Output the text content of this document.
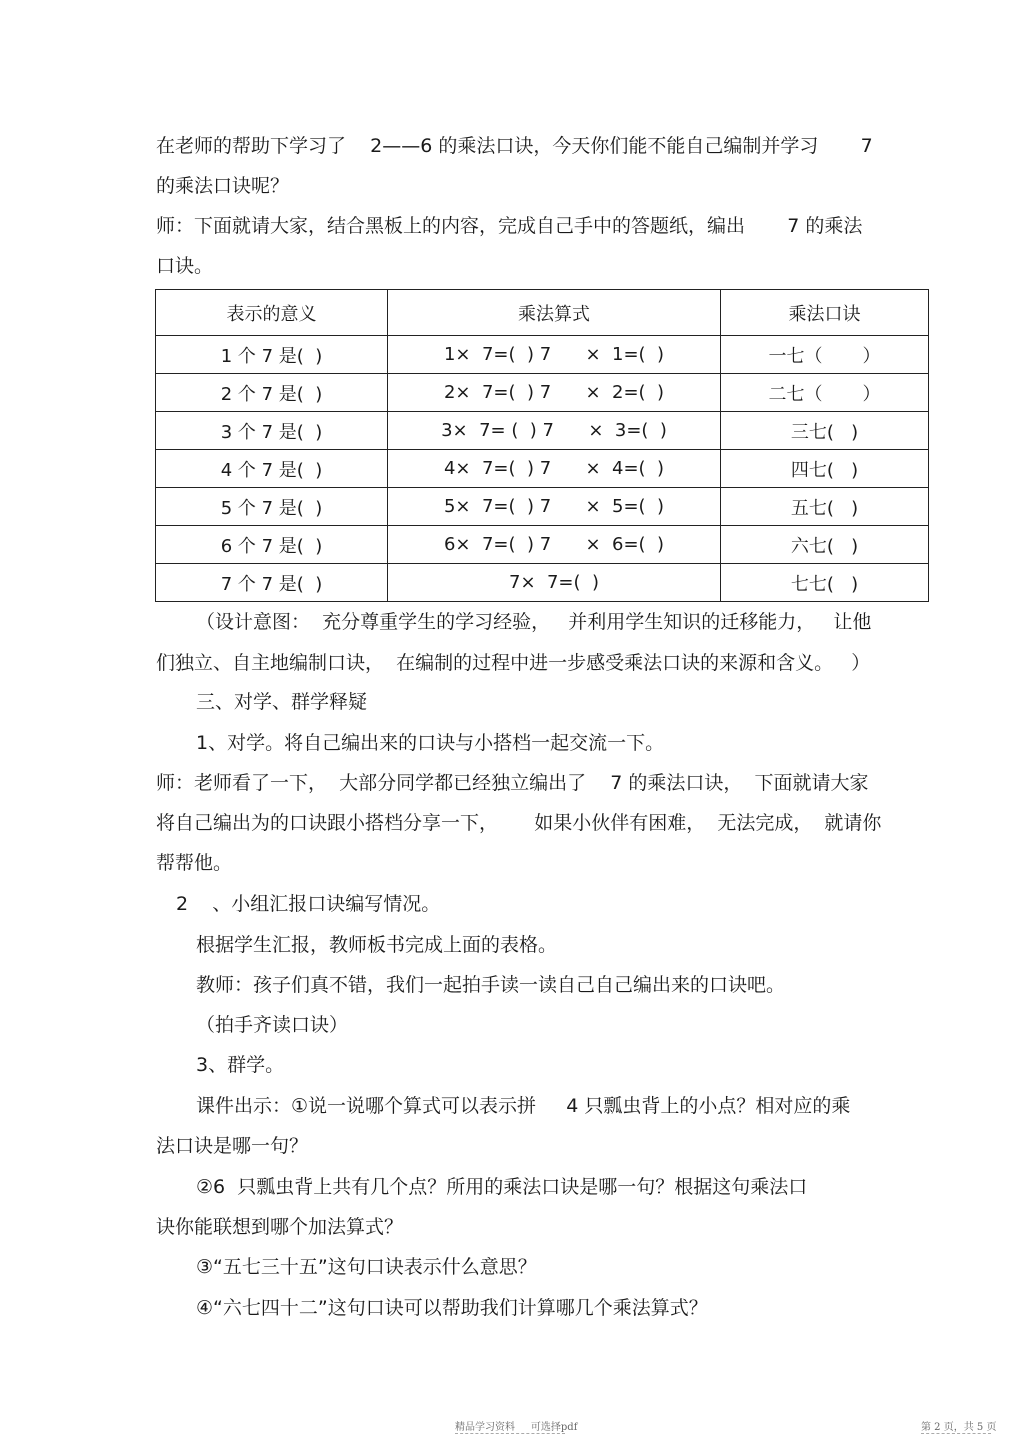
在老师的帮助下学习了    2——6 的乘法口诀，今天你们能不能自己编制并学习       7
的乘法口诀呢？
师：下面就请大家，结合黑板上的内容，完成自己手中的答题纸，编出       7 的乘法
口诀。
表示的意义	乘法算式	乘法口诀
1 个 7 是(  )	1×  7=(  ) 7      ×  1=(  )	一七（       ）
2 个 7 是(  )	2×  7=(  ) 7      ×  2=(  )	二七（       ）
3 个 7 是(  )	3×  7= (  ) 7      ×  3=(  )	三七(   )
4 个 7 是(  )	4×  7=(  ) 7      ×  4=(  )	四七(   )
5 个 7 是(  )	5×  7=(  ) 7      ×  5=(  )	五七(   )
6 个 7 是(  )	6×  7=(  ) 7      ×  6=(  )	六七(   )
7 个 7 是(  )	7×  7=(  )	七七(   )
（设计意图：  充分尊重学生的学习经验，   并利用学生知识的迁移能力，   让他
们独立、自主地编制口诀，  在编制的过程中进一步感受乘法口诀的来源和含义。   ）
三、对学、群学释疑
1、对学。将自己编出来的口诀与小搭档一起交流一下。
师：老师看了一下，  大部分同学都已经独立编出了    7 的乘法口诀，  下面就请大家
将自己编出为的口诀跟小搭档分享一下，      如果小伙伴有困难，  无法完成，  就请你
帮帮他。
2    、小组汇报口诀编写情况。
根据学生汇报，教师板书完成上面的表格。
教师：孩子们真不错，我们一起拍手读一读自己自己编出来的口诀吧。
（拍手齐读口诀）
3、群学。
课件出示：①说一说哪个算式可以表示拼     4 只瓢虫背上的小点？相对应的乘
法口诀是哪一句？
②6  只瓢虫背上共有几个点？所用的乘法口诀是哪一句？根据这句乘法口
诀你能联想到哪个加法算式？
③“五七三十五”这句口诀表示什么意思？
④“六七四十二”这句口诀可以帮助我们计算哪几个乘法算式？
精品学习资料     可选择pdf	第 2 页，共 5 页
